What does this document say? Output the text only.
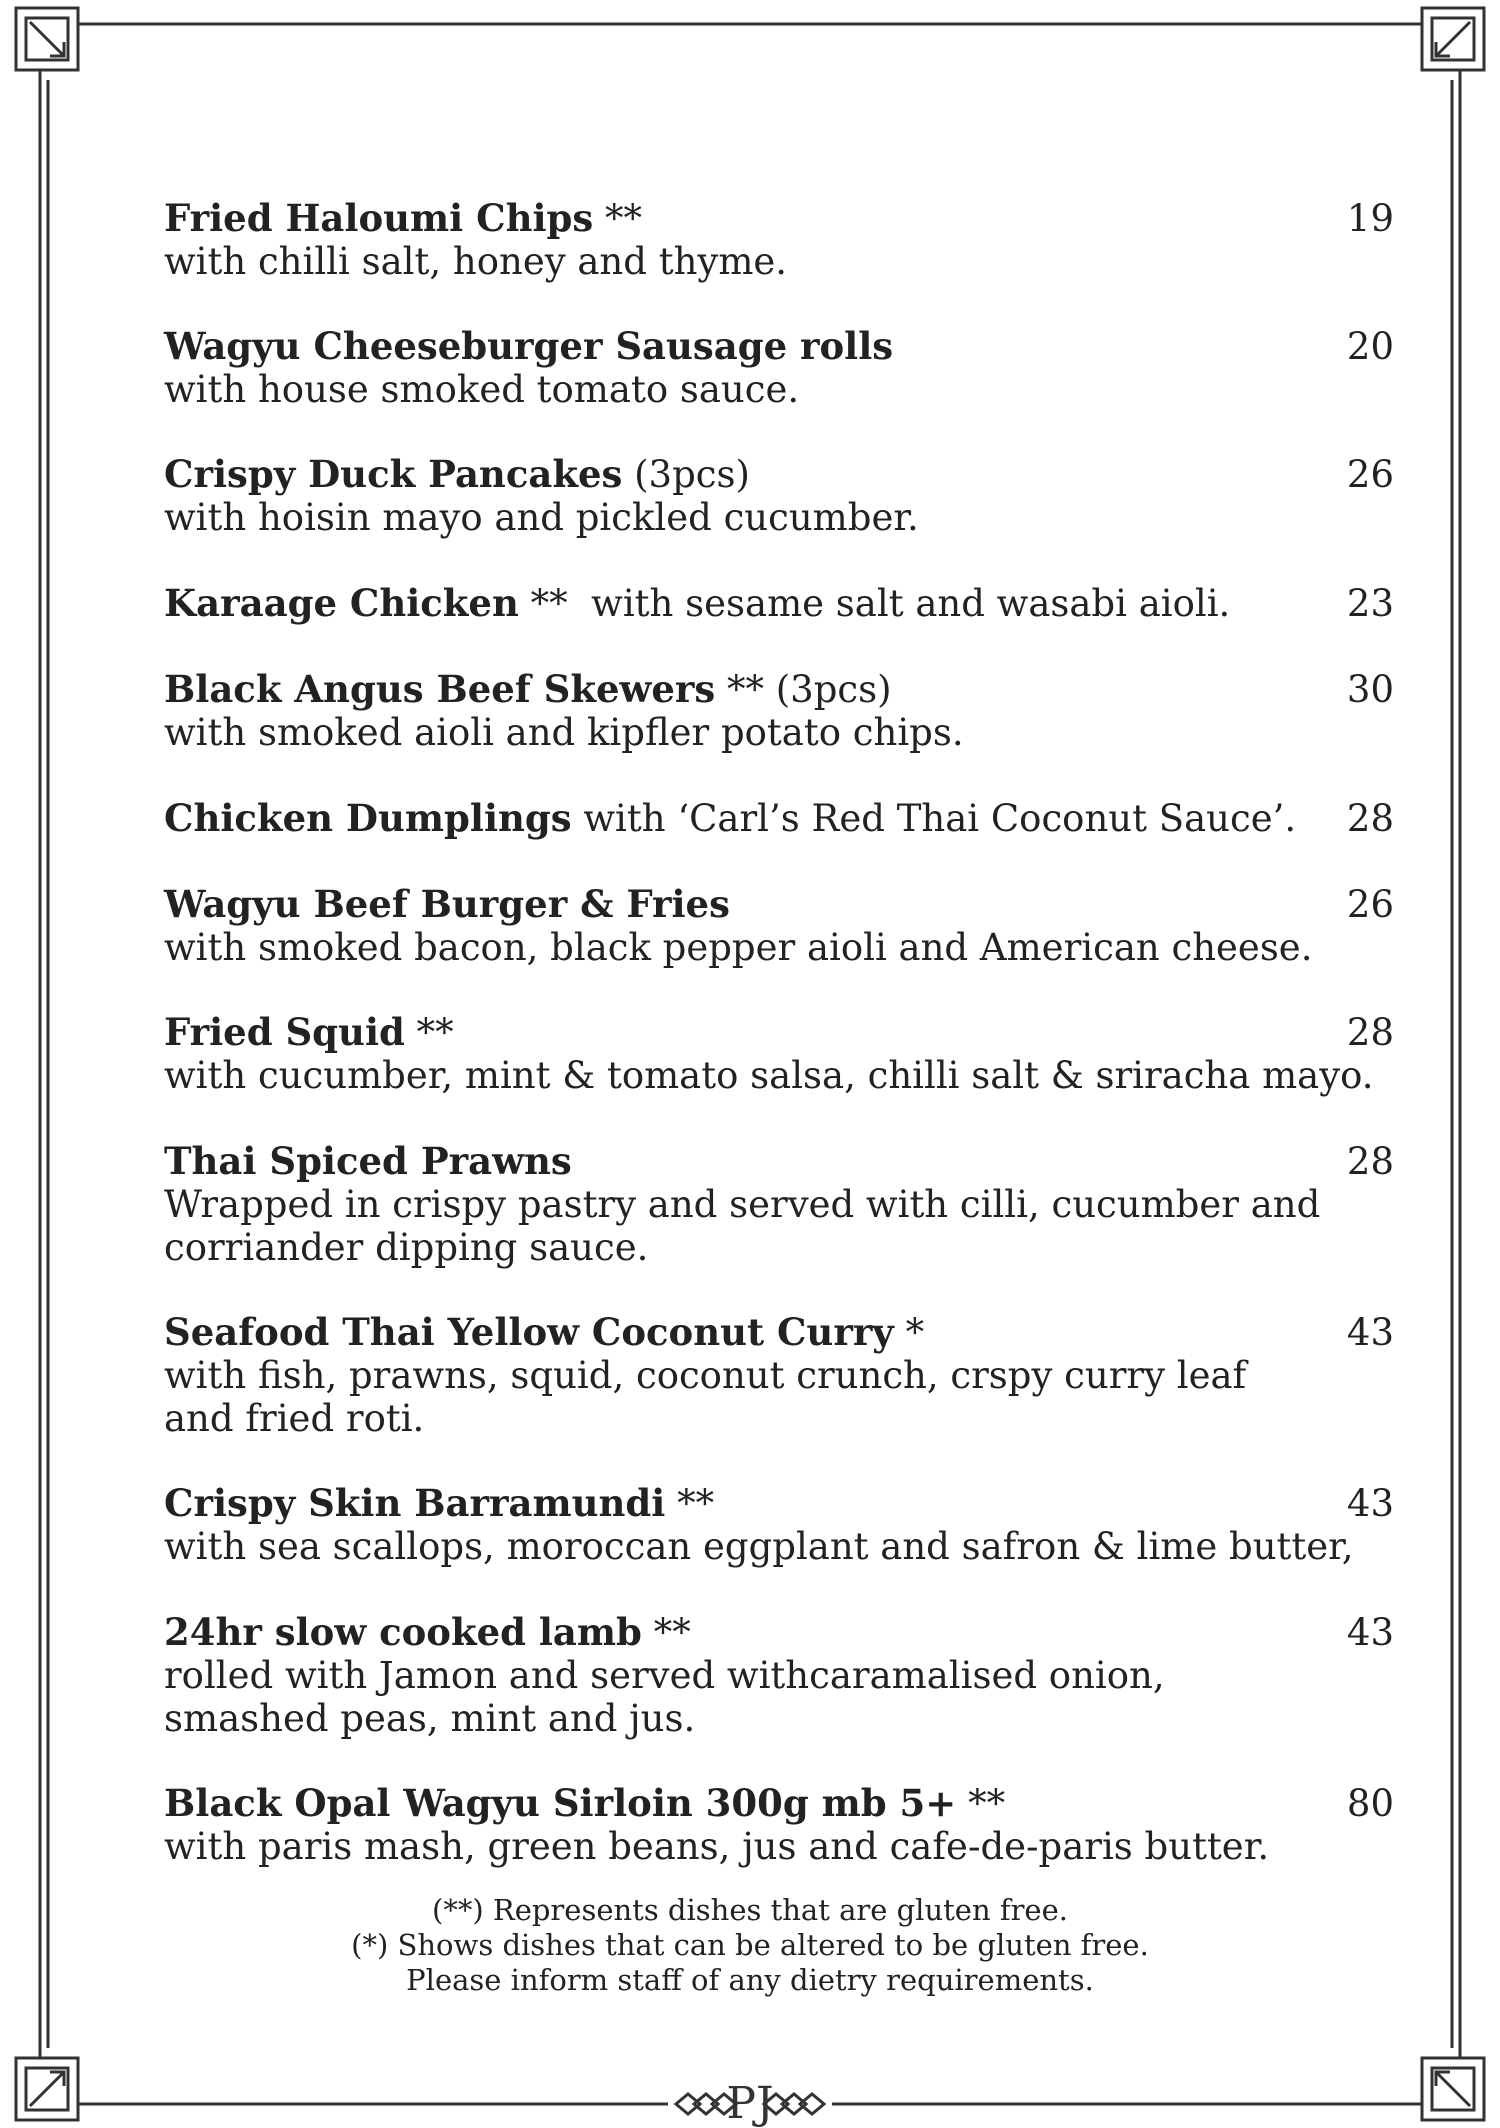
PJ
Fried Haloumi Chips **	19
with chilli salt, honey and thyme.
Wagyu Cheeseburger Sausage rolls	20
with house smoked tomato sauce.
Crispy Duck Pancakes (3pcs)	26
with hoisin mayo and pickled cucumber.
Karaage Chicken **  with sesame salt and wasabi aioli.	23
Black Angus Beef Skewers ** (3pcs)	30
with smoked aioli and kipfler potato chips.
Chicken Dumplings with ‘Carl’s Red Thai Coconut Sauce’.	28
Wagyu Beef Burger & Fries	26
with smoked bacon, black pepper aioli and American cheese.
Fried Squid **	28
with cucumber, mint & tomato salsa, chilli salt & sriracha mayo.
Thai Spiced Prawns	28
Wrapped in crispy pastry and served with cilli, cucumber and
corriander dipping sauce.
Seafood Thai Yellow Coconut Curry *	43
with fish, prawns, squid, coconut crunch, crspy curry leaf
and fried roti.
Crispy Skin Barramundi **	43
with sea scallops, moroccan eggplant and safron & lime butter,
24hr slow cooked lamb **	43
rolled with Jamon and served withcaramalised onion,
smashed peas, mint and jus.
Black Opal Wagyu Sirloin 300g mb 5+ **	80
with paris mash, green beans, jus and cafe-de-paris butter.
(**) Represents dishes that are gluten free.
(*) Shows dishes that can be altered to be gluten free.
Please inform staff of any dietry requirements.
